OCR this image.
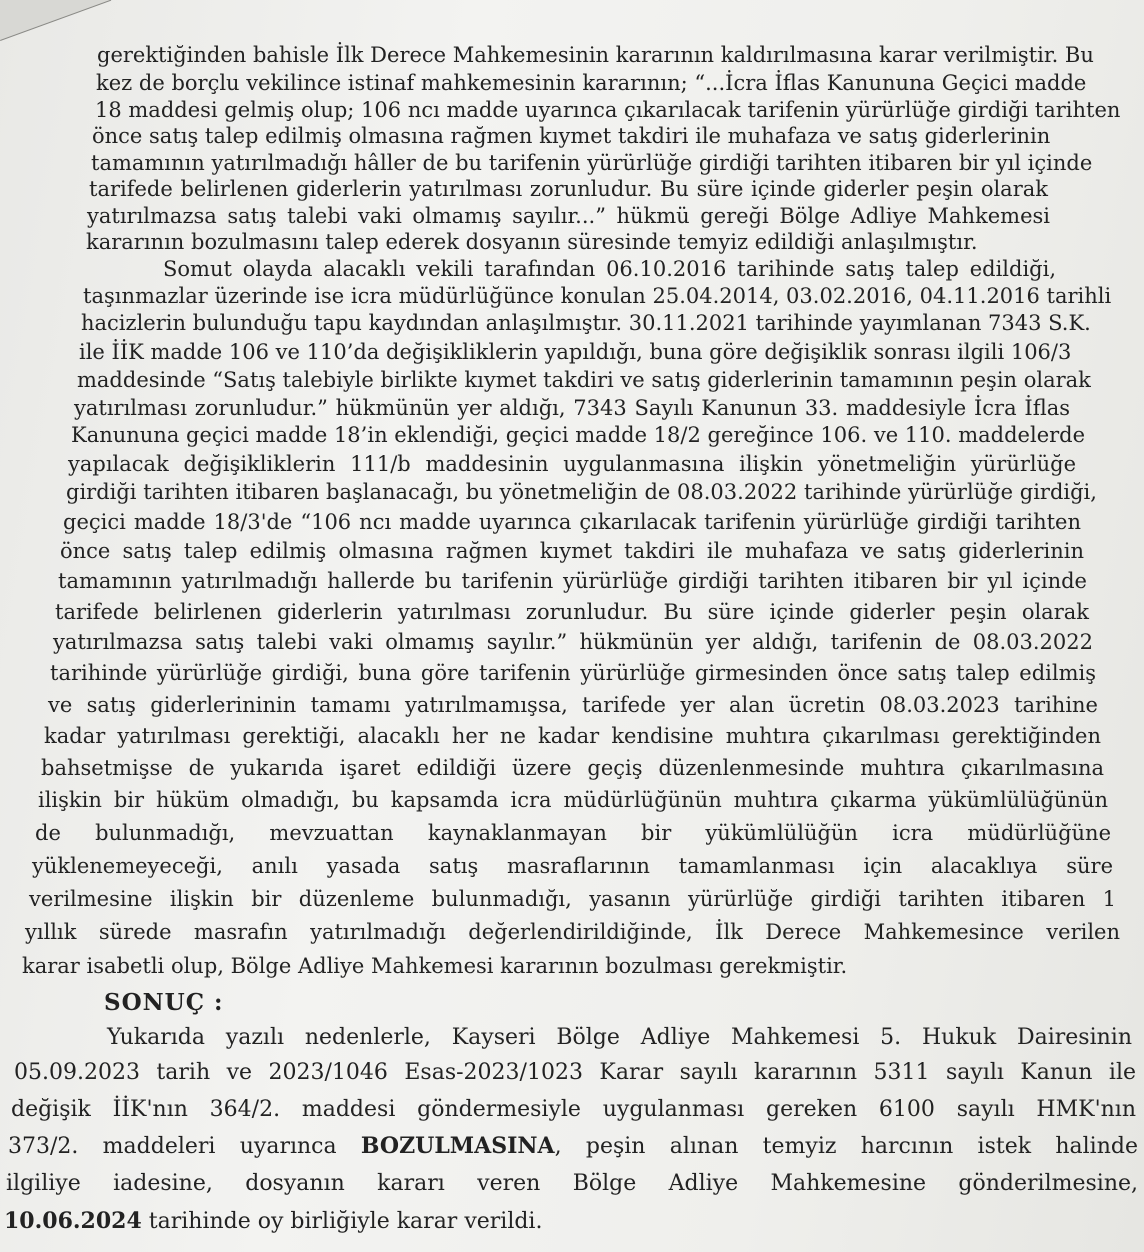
gerektiğinden bahisle İlk Derece Mahkemesinin kararının kaldırılmasına karar verilmiştir. Bu
kez de borçlu vekilince istinaf mahkemesinin kararının; “...İcra İflas Kanununa Geçici madde
18 maddesi gelmiş olup; 106 ncı madde uyarınca çıkarılacak tarifenin yürürlüğe girdiği tarihten
önce satış talep edilmiş olmasına rağmen kıymet takdiri ile muhafaza ve satış giderlerinin
tamamının yatırılmadığı hâller de bu tarifenin yürürlüğe girdiği tarihten itibaren bir yıl içinde
tarifede belirlenen giderlerin yatırılması zorunludur. Bu süre içinde giderler peşin olarak
yatırılmazsa satış talebi vaki olmamış sayılır...” hükmü gereği Bölge Adliye Mahkemesi
kararının bozulmasını talep ederek dosyanın süresinde temyiz edildiği anlaşılmıştır.
Somut olayda alacaklı vekili tarafından 06.10.2016 tarihinde satış talep edildiği,
taşınmazlar üzerinde ise icra müdürlüğünce konulan 25.04.2014, 03.02.2016, 04.11.2016 tarihli
hacizlerin bulunduğu tapu kaydından anlaşılmıştır. 30.11.2021 tarihinde yayımlanan 7343 S.K.
ile İİK madde 106 ve 110’da değişikliklerin yapıldığı, buna göre değişiklik sonrası ilgili 106/3
maddesinde “Satış talebiyle birlikte kıymet takdiri ve satış giderlerinin tamamının peşin olarak
yatırılması zorunludur.” hükmünün yer aldığı, 7343 Sayılı Kanunun 33. maddesiyle İcra İflas
Kanununa geçici madde 18’in eklendiği, geçici madde 18/2 gereğince 106. ve 110. maddelerde
yapılacak değişikliklerin 111/b maddesinin uygulanmasına ilişkin yönetmeliğin yürürlüğe
girdiği tarihten itibaren başlanacağı, bu yönetmeliğin de 08.03.2022 tarihinde yürürlüğe girdiği,
geçici madde 18/3'de “106 ncı madde uyarınca çıkarılacak tarifenin yürürlüğe girdiği tarihten
önce satış talep edilmiş olmasına rağmen kıymet takdiri ile muhafaza ve satış giderlerinin
tamamının yatırılmadığı hallerde bu tarifenin yürürlüğe girdiği tarihten itibaren bir yıl içinde
tarifede belirlenen giderlerin yatırılması zorunludur. Bu süre içinde giderler peşin olarak
yatırılmazsa satış talebi vaki olmamış sayılır.” hükmünün yer aldığı, tarifenin de 08.03.2022
tarihinde yürürlüğe girdiği, buna göre tarifenin yürürlüğe girmesinden önce satış talep edilmiş
ve satış giderlerininin tamamı yatırılmamışsa, tarifede yer alan ücretin 08.03.2023 tarihine
kadar yatırılması gerektiği, alacaklı her ne kadar kendisine muhtıra çıkarılması gerektiğinden
bahsetmişse de yukarıda işaret edildiği üzere geçiş düzenlenmesinde muhtıra çıkarılmasına
ilişkin bir hüküm olmadığı, bu kapsamda icra müdürlüğünün muhtıra çıkarma yükümlülüğünün
de bulunmadığı, mevzuattan kaynaklanmayan bir yükümlülüğün icra müdürlüğüne
yüklenemeyeceği, anılı yasada satış masraflarının tamamlanması için alacaklıya süre
verilmesine ilişkin bir düzenleme bulunmadığı, yasanın yürürlüğe girdiği tarihten itibaren 1
yıllık sürede masrafın yatırılmadığı değerlendirildiğinde, İlk Derece Mahkemesince verilen
karar isabetli olup, Bölge Adliye Mahkemesi kararının bozulması gerekmiştir.
SONUÇ :
Yukarıda yazılı nedenlerle, Kayseri Bölge Adliye Mahkemesi 5. Hukuk Dairesinin
05.09.2023 tarih ve 2023/1046 Esas-2023/1023 Karar sayılı kararının 5311 sayılı Kanun ile
değişik İİK'nın 364/2. maddesi göndermesiyle uygulanması gereken 6100 sayılı HMK'nın
373/2. maddeleri uyarınca BOZULMASINA, peşin alınan temyiz harcının istek halinde
ilgiliye iadesine, dosyanın kararı veren Bölge Adliye Mahkemesine gönderilmesine,
10.06.2024 tarihinde oy birliğiyle karar verildi.
